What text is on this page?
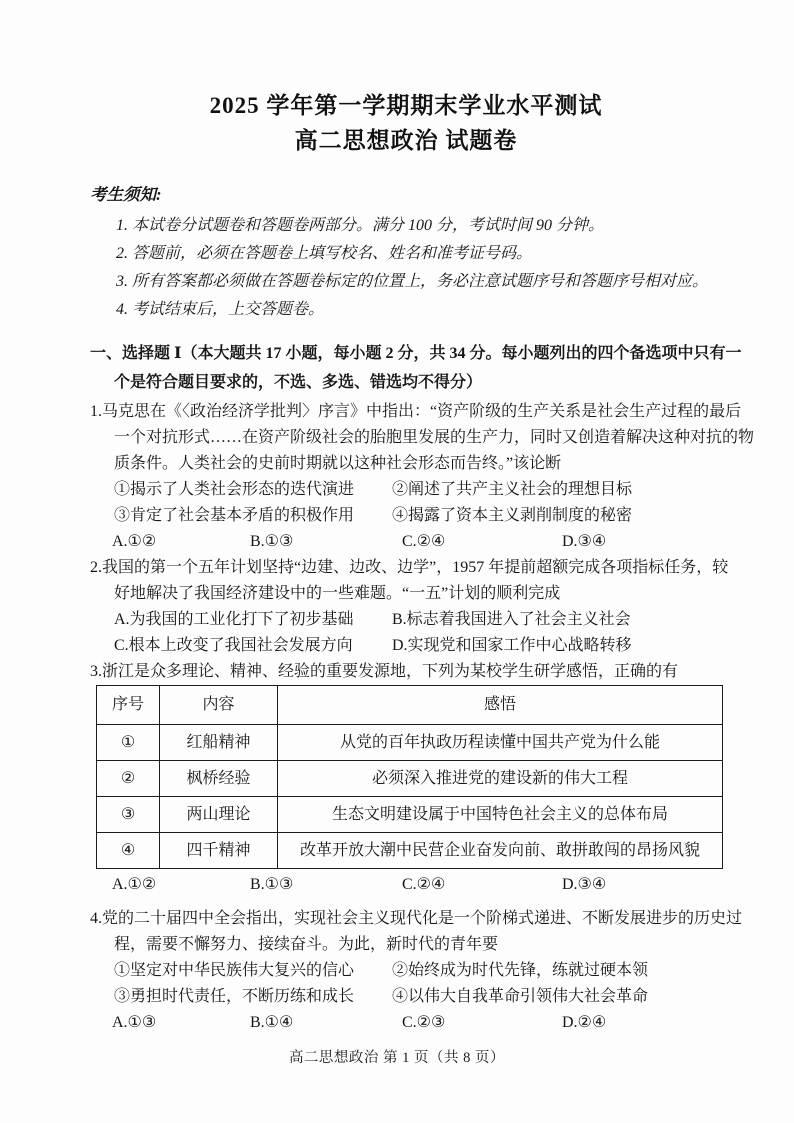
2025 学年第一学期期末学业水平测试
高二思想政治 试题卷
考生须知:
1. 本试卷分试题卷和答题卷两部分。满分 100 分，考试时间 90 分钟。
2. 答题前，必须在答题卷上填写校名、姓名和准考证号码。
3. 所有答案都必须做在答题卷标定的位置上，务必注意试题序号和答题序号相对应。
4. 考试结束后，上交答题卷。
一、选择题 Ⅰ（本大题共 17 小题，每小题 2 分，共 34 分。每小题列出的四个备选项中只有一
个是符合题目要求的，不选、多选、错选均不得分）
1.马克思在《〈政治经济学批判〉序言》中指出：“资产阶级的生产关系是社会生产过程的最后
一个对抗形式……在资产阶级社会的胎胞里发展的生产力，同时又创造着解决这种对抗的物
质条件。人类社会的史前时期就以这种社会形态而告终。”该论断
①揭示了人类社会形态的迭代演进	②阐述了共产主义社会的理想目标
③肯定了社会基本矛盾的积极作用	④揭露了资本主义剥削制度的秘密
A.①②	B.①③	C.②④	D.③④
2.我国的第一个五年计划坚持“边建、边改、边学”，1957 年提前超额完成各项指标任务，较
好地解决了我国经济建设中的一些难题。“一五”计划的顺利完成
A.为我国的工业化打下了初步基础	B.标志着我国进入了社会主义社会
C.根本上改变了我国社会发展方向	D.实现党和国家工作中心战略转移
3.浙江是众多理论、精神、经验的重要发源地，下列为某校学生研学感悟，正确的有
序号	内容	感悟
①	红船精神	从党的百年执政历程读懂中国共产党为什么能
②	枫桥经验	必须深入推进党的建设新的伟大工程
③	两山理论	生态文明建设属于中国特色社会主义的总体布局
④	四千精神	改革开放大潮中民营企业奋发向前、敢拼敢闯的昂扬风貌
A.①②	B.①③	C.②④	D.③④
4.党的二十届四中全会指出，实现社会主义现代化是一个阶梯式递进、不断发展进步的历史过
程，需要不懈努力、接续奋斗。为此，新时代的青年要
①坚定对中华民族伟大复兴的信心	②始终成为时代先锋，练就过硬本领
③勇担时代责任，不断历练和成长	④以伟大自我革命引领伟大社会革命
A.①③	B.①④	C.②③	D.②④
高二思想政治 第 1 页（共 8 页）
